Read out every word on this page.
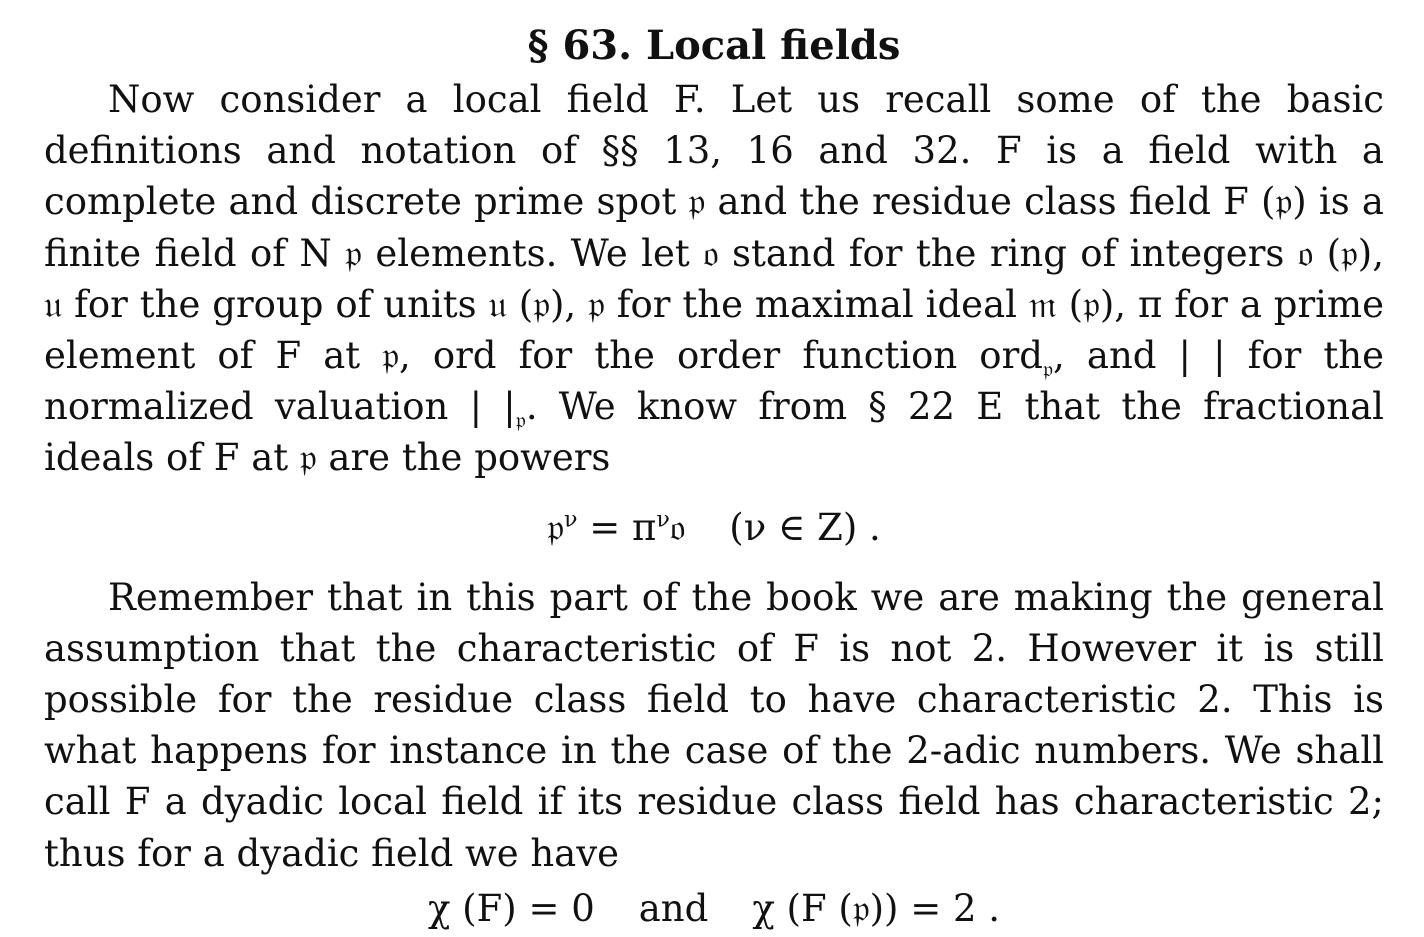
§ 63. Local fields

Now consider a local field F. Let us recall some of the basic definitions and notation of §§ 13, 16 and 32. F is a field with a complete and discrete prime spot 𝔭 and the residue class field F (𝔭) is a finite field of N 𝔭 elements. We let 𝔬 stand for the ring of integers 𝔬 (𝔭), 𝔲 for the group of units 𝔲 (𝔭), 𝔭 for the maximal ideal 𝔪 (𝔭), π for a prime element of F at 𝔭, ord for the order function ord$_𝔭$, and | | for the normalized valuation | $|_𝔭$. We know from § 22 E that the fractional ideals of F at 𝔭 are the powers

𝔭$^\nu$ = $\pi^\nu 𝔬$ (ν ∈ Z) .

Remember that in this part of the book we are making the general assumption that the characteristic of F is not 2. However it is still possible for the residue class field to have characteristic 2. This is what happens for instance in the case of the 2-adic numbers. We shall call F a dyadic local field if its residue class field has characteristic 2; thus for a dyadic field we have

χ (F) = 0 and χ (F (𝔭)) = 2 .
